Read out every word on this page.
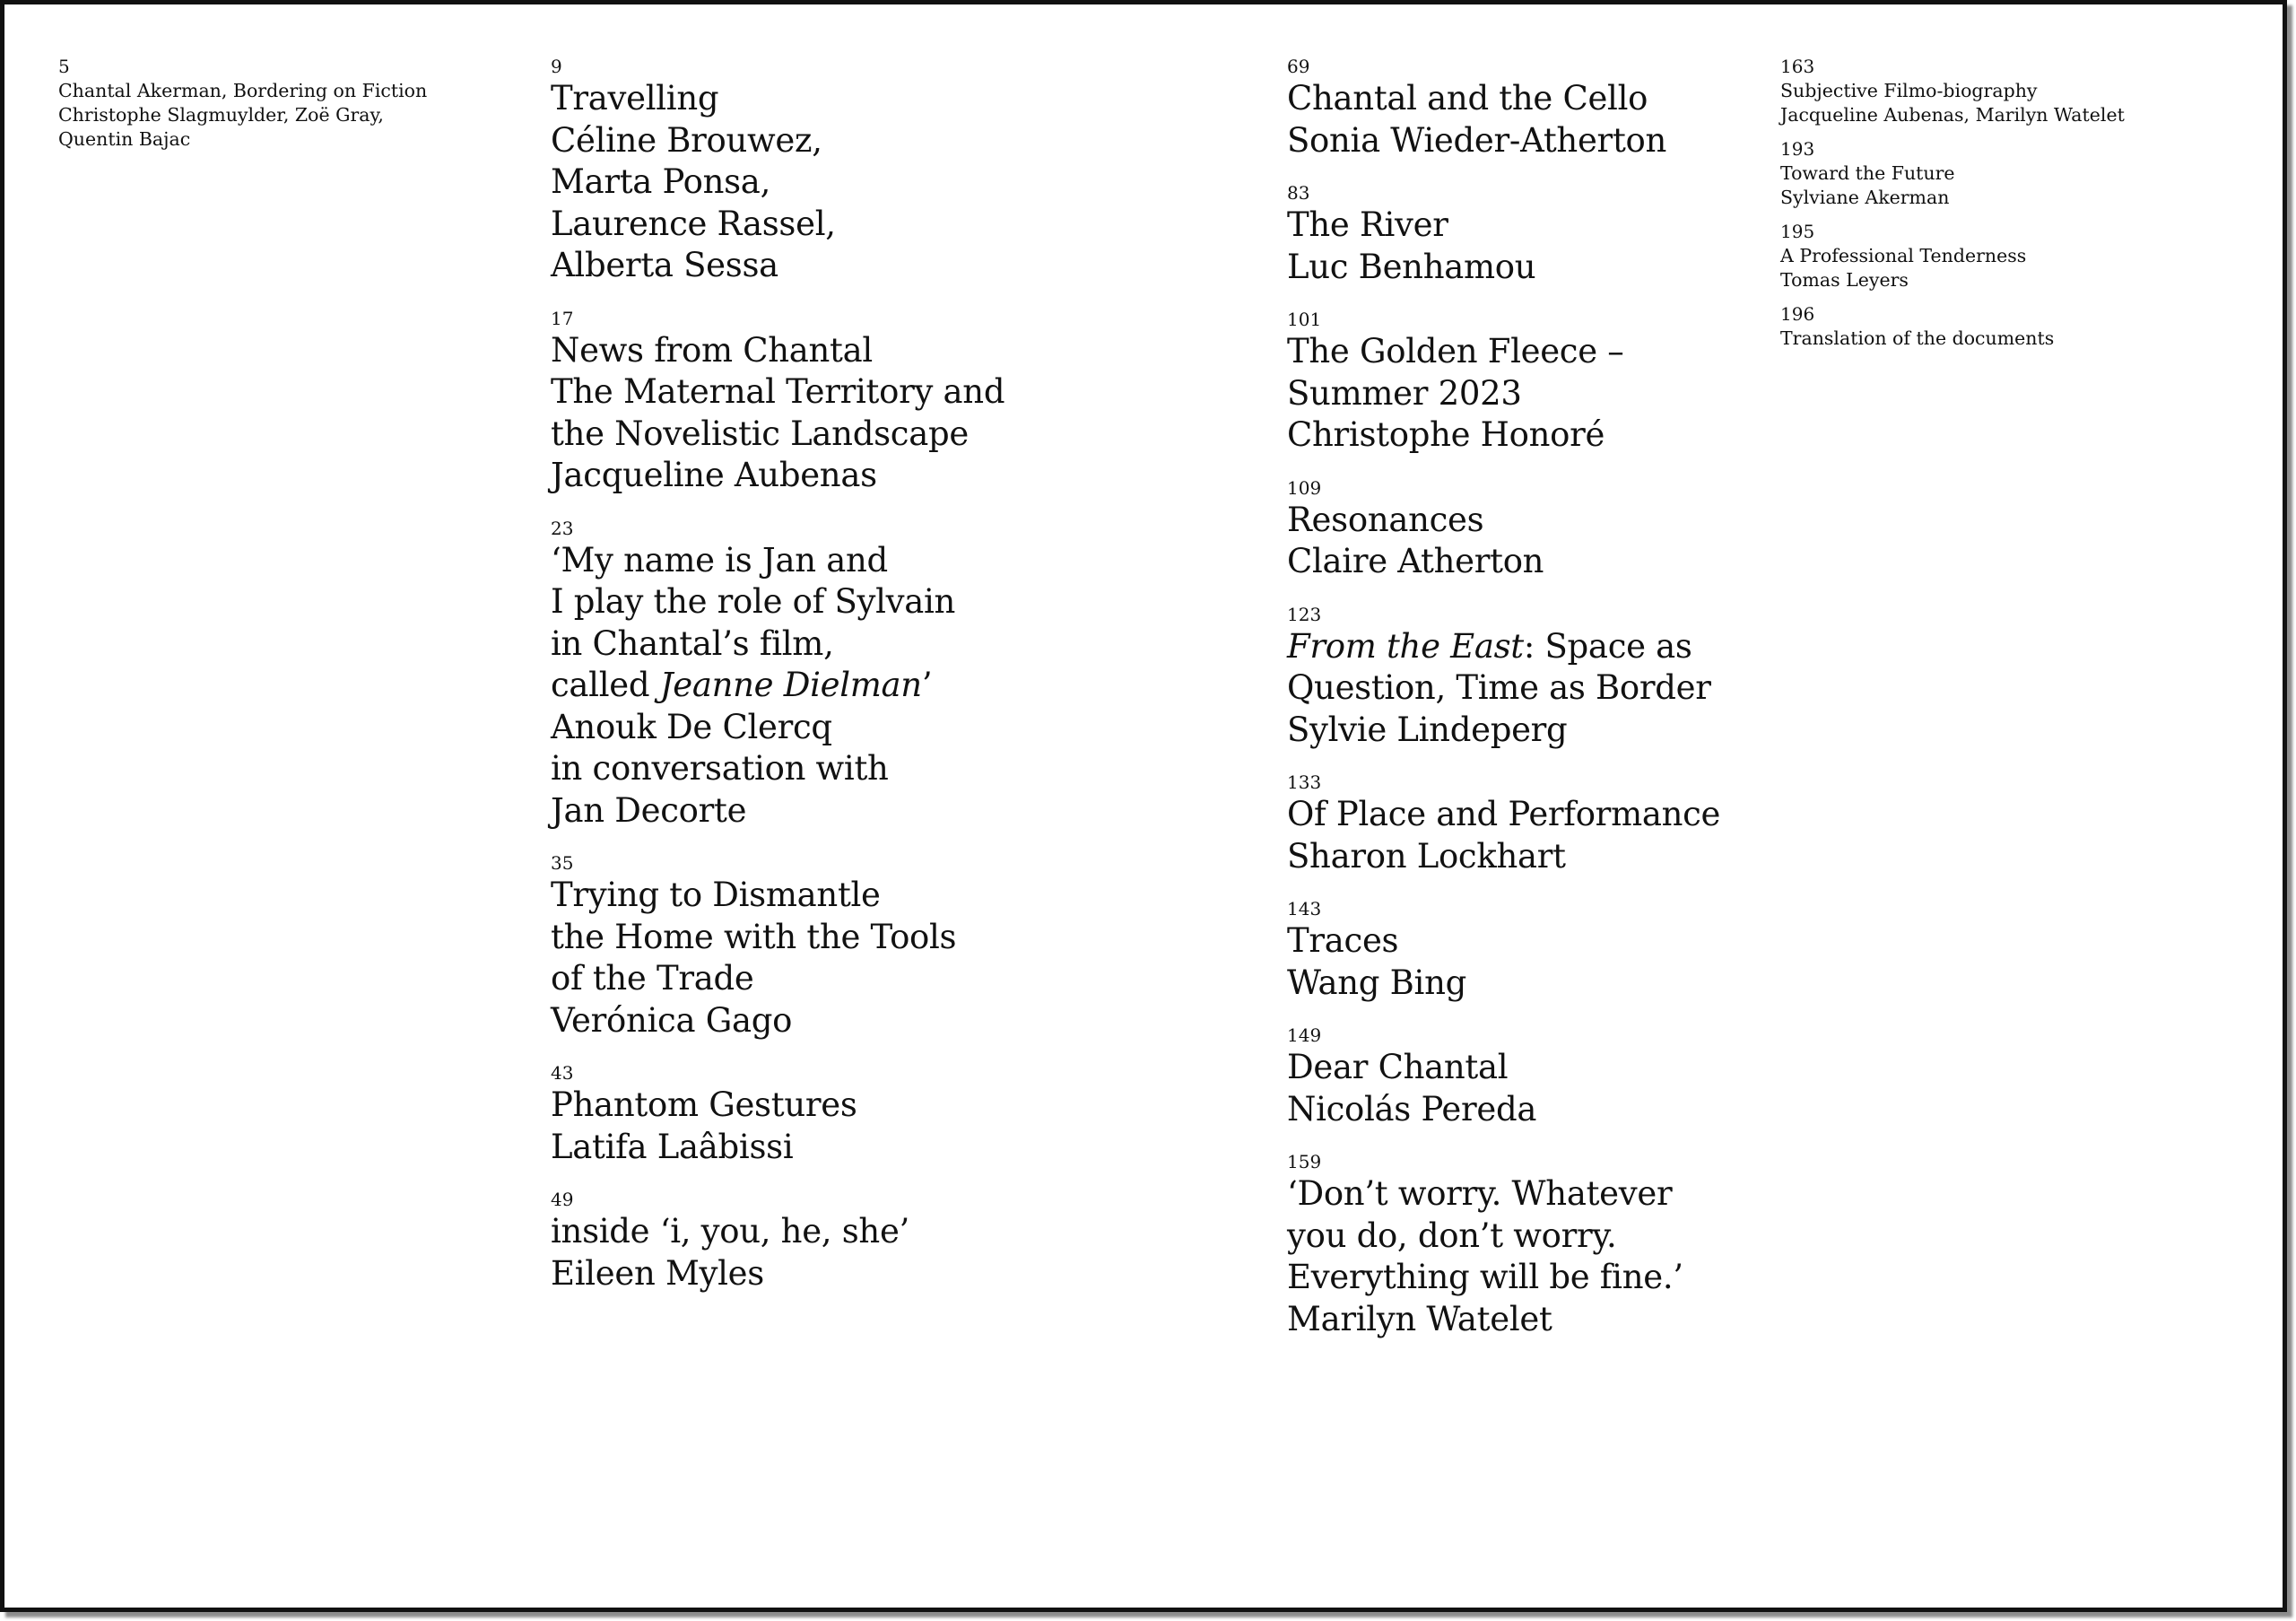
5
Chantal Akerman, Bordering on Fiction
Christophe Slagmuylder, Zoë Gray,
Quentin Bajac
9
Travelling
Céline Brouwez,
Marta Ponsa,
Laurence Rassel,
Alberta Sessa
17
News from Chantal
The Maternal Territory and
the Novelistic Landscape
Jacqueline Aubenas
23
‘My name is Jan and
I play the role of Sylvain
in Chantal’s film,
called Jeanne Dielman’
Anouk De Clercq
in conversation with
Jan Decorte
35
Trying to Dismantle
the Home with the Tools
of the Trade
Verónica Gago
43
Phantom Gestures
Latifa Laâbissi
49
inside ‘i, you, he, she’
Eileen Myles
69
Chantal and the Cello
Sonia Wieder-Atherton
83
The River
Luc Benhamou
101
The Golden Fleece –
Summer 2023
Christophe Honoré
109
Resonances
Claire Atherton
123
From the East: Space as
Question, Time as Border
Sylvie Lindeperg
133
Of Place and Performance
Sharon Lockhart
143
Traces
Wang Bing
149
Dear Chantal
Nicolás Pereda
159
‘Don’t worry. Whatever
you do, don’t worry.
Everything will be fine.’
Marilyn Watelet
163
Subjective Filmo-biography
Jacqueline Aubenas, Marilyn Watelet
193
Toward the Future
Sylviane Akerman
195
A Professional Tenderness
Tomas Leyers
196
Translation of the documents
